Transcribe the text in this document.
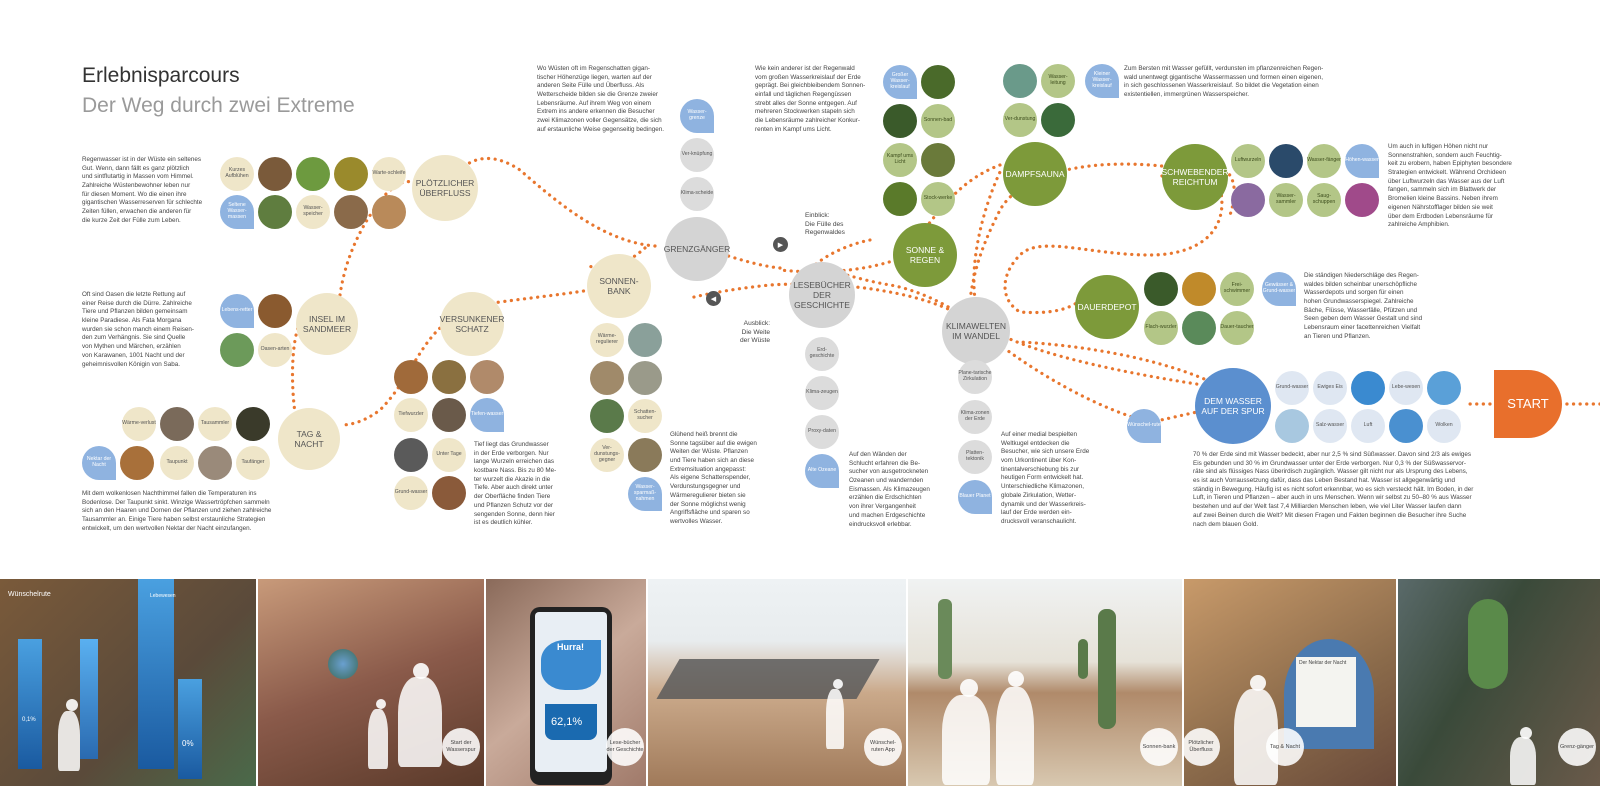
Erlebnisparcours
Der Weg durch zwei Extreme
PLÖTZLICHER ÜBERFLUSS
INSEL IM SANDMEER
TAG & NACHT
VERSUNKENER SCHATZ
SONNEN-BANK
GRENZGÄNGER
LESEBÜCHER DER GESCHICHTE
KLIMAWELTEN IM WANDEL
SONNE & REGEN
DAMPFSAUNA	SCHWEBENDER REICHTUM
DAUERDEPOT
DEM WASSER AUF DER SPUR	START
Kurzes Aufblühen	Warte-schleife
Seltene Wasser-massen
Wasser-speicher
Regenwasser ist in der Wüste ein seltenes
Gut. Wenn, dann fällt es ganz plötzlich
und sintflutartig in Massen vom Himmel.
Zahlreiche Wüstenbewohner leben nur
für diesen Moment. Wo die einen ihre
gigantischen Wasserreserven für schlechte
Zeiten füllen, erwachen die anderen für
die kurze Zeit der Fülle zum Leben.
Lebens-retter
Oasen-arten
Oft sind Oasen die letzte Rettung auf
einer Reise durch die Dürre. Zahlreiche
Tiere und Pflanzen bilden gemeinsam
kleine Paradiese. Als Fata Morgana
wurden sie schon manch einem Reisen-
den zum Verhängnis. Sie sind Quelle
von Mythen und Märchen, erzählen
von Karawanen, 1001 Nacht und der
geheimnisvollen Königin von Saba.
Wärme-verlust	Tausammler
Nektar der Nacht	Taupunkt	Taufänger
Mit dem wolkenlosen Nachthimmel fallen die Temperaturen ins
Bodenlose. Der Taupunkt sinkt. Winzige Wassertröpfchen sammeln
sich an den Haaren und Dornen der Pflanzen und ziehen zahlreiche
Tausammler an. Einige Tiere haben selbst erstaunliche Strategien
entwickelt, um den wertvollen Nektar der Nacht einzufangen.
Tiefwurzler	Tiefen-wasser
Unter Tage
Grund-wasser
Tief liegt das Grundwasser
in der Erde verborgen. Nur
lange Wurzeln erreichen das
kostbare Nass. Bis zu 80 Me-
ter wurzelt die Akazie in die
Tiefe. Aber auch direkt unter
der Oberfläche finden Tiere
und Pflanzen Schutz vor der
sengenden Sonne, denn hier
ist es deutlich kühler.
Wärme-regulierer
Schatten-sucher
Ver-dunstungs-gegner
Wasser-sparmaß-nahmen
Glühend heiß brennt die
Sonne tagsüber auf die ewigen
Weiten der Wüste. Pflanzen
und Tiere haben sich an diese
Extremsituation angepasst:
Als eigene Schattenspender,
Verdunstungsgegner und
Wärmeregulierer bieten sie
der Sonne möglichst wenig
Angriffsfläche und sparen so
wertvolles Wasser.
Wasser-grenze
Ver-knüpfung
Klima-scheide
Wo Wüsten oft im Regenschatten gigan-
tischer Höhenzüge liegen, warten auf der
anderen Seite Fülle und Überfluss. Als
Wetterscheide bilden sie die Grenze zweier
Lebensräume. Auf ihrem Weg von einem
Extrem ins andere erkennen die Besucher
zwei Klimazonen voller Gegensätze, die sich
auf erstaunliche Weise gegenseitig bedingen.
Erd-geschichte
Klima-zeugen
Proxy-daten
Alte Ozeane
Auf den Wänden der
Schlucht erfahren die Be-
sucher von ausgetrockneten
Ozeanen und wandernden
Eismassen. Als Klimazeugen
erzählen die Erdschichten
von ihrer Vergangenheit
und machen Erdgeschichte
eindrucksvoll erlebbar.
Plane-tarische Zirkulation
Klima-zonen der Erde
Platten-tektonik
Blauer Planet
Auf einer medial bespielten
Weltkugel entdecken die
Besucher, wie sich unsere Erde
vom Urkontinent über Kon-
tinentalverschiebung bis zur
heutigen Form entwickelt hat.
Unterschiedliche Klimazonen,
globale Zirkulation, Wetter-
dynamik und der Wasserkreis-
lauf der Erde werden ein-
drucksvoll veranschaulicht.
Großer Wasser-kreislauf
Sonnen-bad
Kampf ums Licht
Stock-werke
Wie kein anderer ist der Regenwald
vom großen Wasserkreislauf der Erde
geprägt. Bei gleichbleibendem Sonnen-
einfall und täglichen Regengüssen
strebt alles der Sonne entgegen. Auf
mehreren Stockwerken stapeln sich
die Lebensräume zahlreicher Konkur-
renten im Kampf ums Licht.
Wasser-leitung
Kleiner Wasser-kreislauf
Ver-dunstung
Zum Bersten mit Wasser gefüllt, verdunsten im pflanzenreichen Regen-
wald unentwegt gigantische Wassermassen und formen einen eigenen,
in sich geschlossenen Wasserkreislauf. So bildet die Vegetation einen
existentiellen, immergrünen Wasserspeicher.
Luftwurzeln	Wasser-fänger Höhen-wasser
Wasser-sammler
Saug-schuppen
Um auch in luftigen Höhen nicht nur
Sonnenstrahlen, sondern auch Feuchtig-
keit zu erobern, haben Epiphyten besondere
Strategien entwickelt. Während Orchideen
über Luftwurzeln das Wasser aus der Luft
fangen, sammeln sich im Blattwerk der
Bromelien kleine Bassins. Neben ihrem
eigenen Nährstofflager bilden sie weit
über dem Erdboden Lebensräume für
zahlreiche Amphibien.
Frei-schwimmer
Gewässer & Grund-wasser
Flach-wurzler	Dauer-taucher
Die ständigen Niederschläge des Regen-
waldes bilden scheinbar unerschöpfliche
Wasserdepots und sorgen für einen
hohen Grundwasserspiegel. Zahlreiche
Bäche, Flüsse, Wasserfälle, Pfützen und
Seen geben dem Wasser Gestalt und sind
Lebensraum einer facettenreichen Vielfalt
an Tieren und Pflanzen.
Grund-wasser	Ewiges Eis	Lebe-wesen
Wünschel-rute	Salz-wasser	Luft	Wolken
70 % der Erde sind mit Wasser bedeckt, aber nur 2,5 % sind Süßwasser. Davon sind 2/3 als ewiges
Eis gebunden und 30 % im Grundwasser unter der Erde verborgen. Nur 0,3 % der Süßwasservor-
räte sind als flüssiges Nass überirdisch zugänglich. Wasser gilt nicht nur als Ursprung des Lebens,
es ist auch Vorraussetzung dafür, dass das Leben Bestand hat. Wasser ist allgegenwärtig und
ständig in Bewegung. Häufig ist es nicht sofort erkennbar, wo es sich versteckt hält. Im Boden, in der
Luft, in Tieren und Pflanzen – aber auch in uns Menschen. Wenn wir selbst zu 50–80 % aus Wasser
bestehen und auf der Welt fast 7,4 Milliarden Menschen leben, wie viel Liter Wasser laufen dann
auf zwei Beinen durch die Welt? Mit diesen Fragen und Fakten beginnen die Besucher ihre Suche
nach dem blauen Gold.
▶
Einblick:
Die Fülle des
Regenwaldes
◀
Ausblick:
Die Weite
der Wüste
Wünschelrute	Lebewesen
0,1%
0%	Start der Wasserspur
Hurra!
62,1%
Lese-bücher der Geschichte
Wünschel-ruten App
Sonnen-bank
Der Nektar der Nacht
Plötzlicher Überfluss
Tag & Nacht	Grenz-gänger
